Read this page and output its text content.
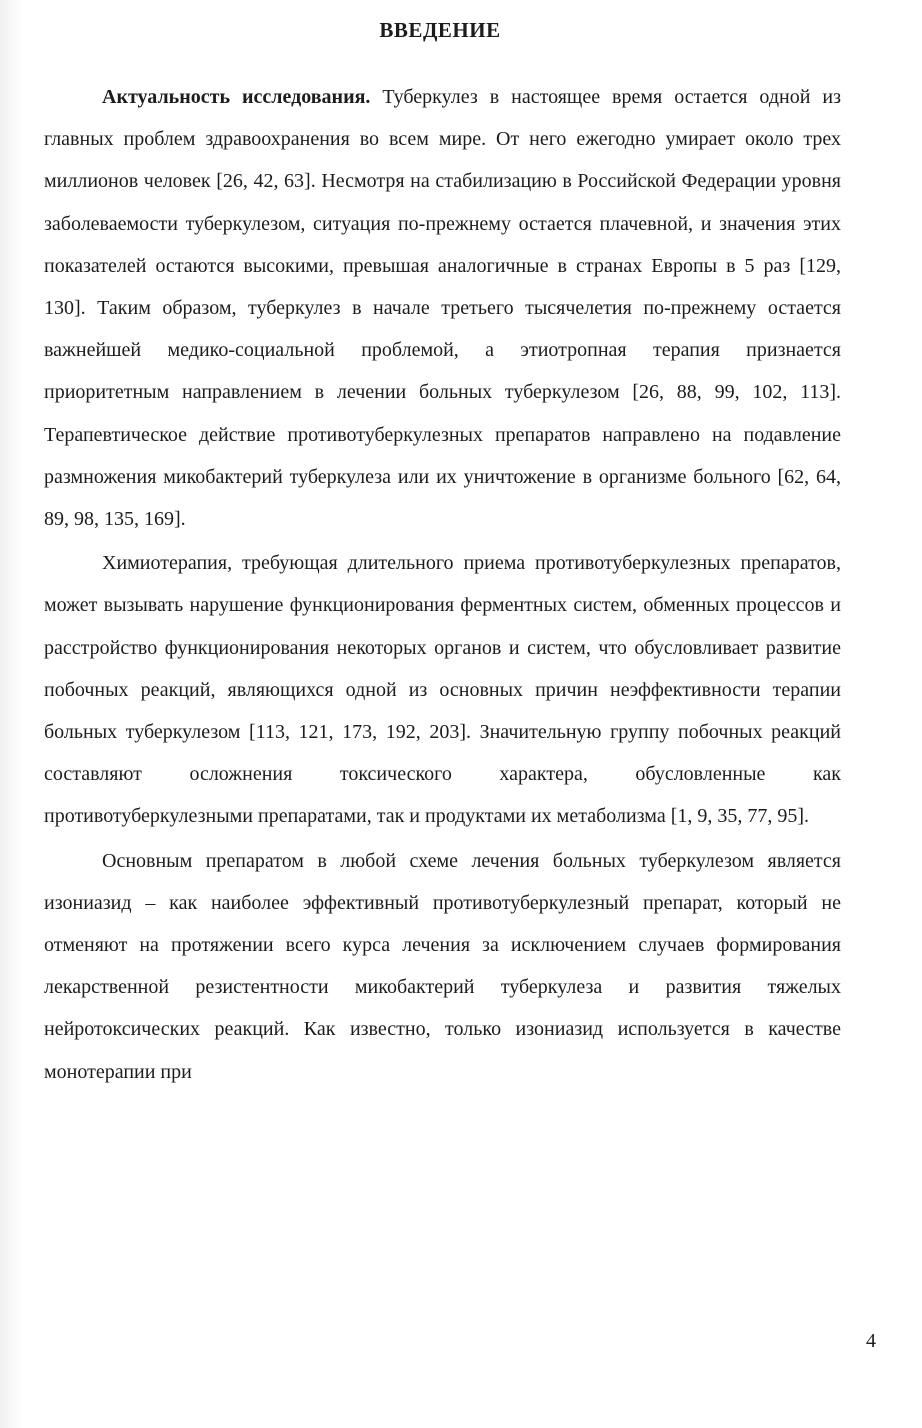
ВВЕДЕНИЕ

Актуальность исследования. Туберкулез в настоящее время остается одной из главных проблем здравоохранения во всем мире. От него ежегодно умирает около трех миллионов человек [26, 42, 63]. Несмотря на стабилизацию в Российской Федерации уровня заболеваемости туберкулезом, ситуация по-прежнему остается плачевной, и значения этих показателей остаются высокими, превышая аналогичные в странах Европы в 5 раз [129, 130]. Таким образом, туберкулез в начале третьего тысячелетия по-прежнему остается важнейшей медико-социальной проблемой, а этиотропная терапия признается приоритетным направлением в лечении больных туберкулезом [26, 88, 99, 102, 113]. Терапевтическое действие противотуберкулезных препаратов направлено на подавление размножения микобактерий туберкулеза или их уничтожение в организме больного [62, 64, 89, 98, 135, 169].

Химиотерапия, требующая длительного приема противотуберкулезных препаратов, может вызывать нарушение функционирования ферментных систем, обменных процессов и расстройство функционирования некоторых органов и систем, что обусловливает развитие побочных реакций, являющихся одной из основных причин неэффективности терапии больных туберкулезом [113, 121, 173, 192, 203]. Значительную группу побочных реакций составляют осложнения токсического характера, обусловленные как противотуберкулезными препаратами, так и продуктами их метаболизма [1, 9, 35, 77, 95].

Основным препаратом в любой схеме лечения больных туберкулезом является изониазид – как наиболее эффективный противотуберкулезный препарат, который не отменяют на протяжении всего курса лечения за исключением случаев формирования лекарственной резистентности микобактерий туберкулеза и развития тяжелых нейротоксических реакций. Как известно, только изониазид используется в качестве монотерапии при

4
